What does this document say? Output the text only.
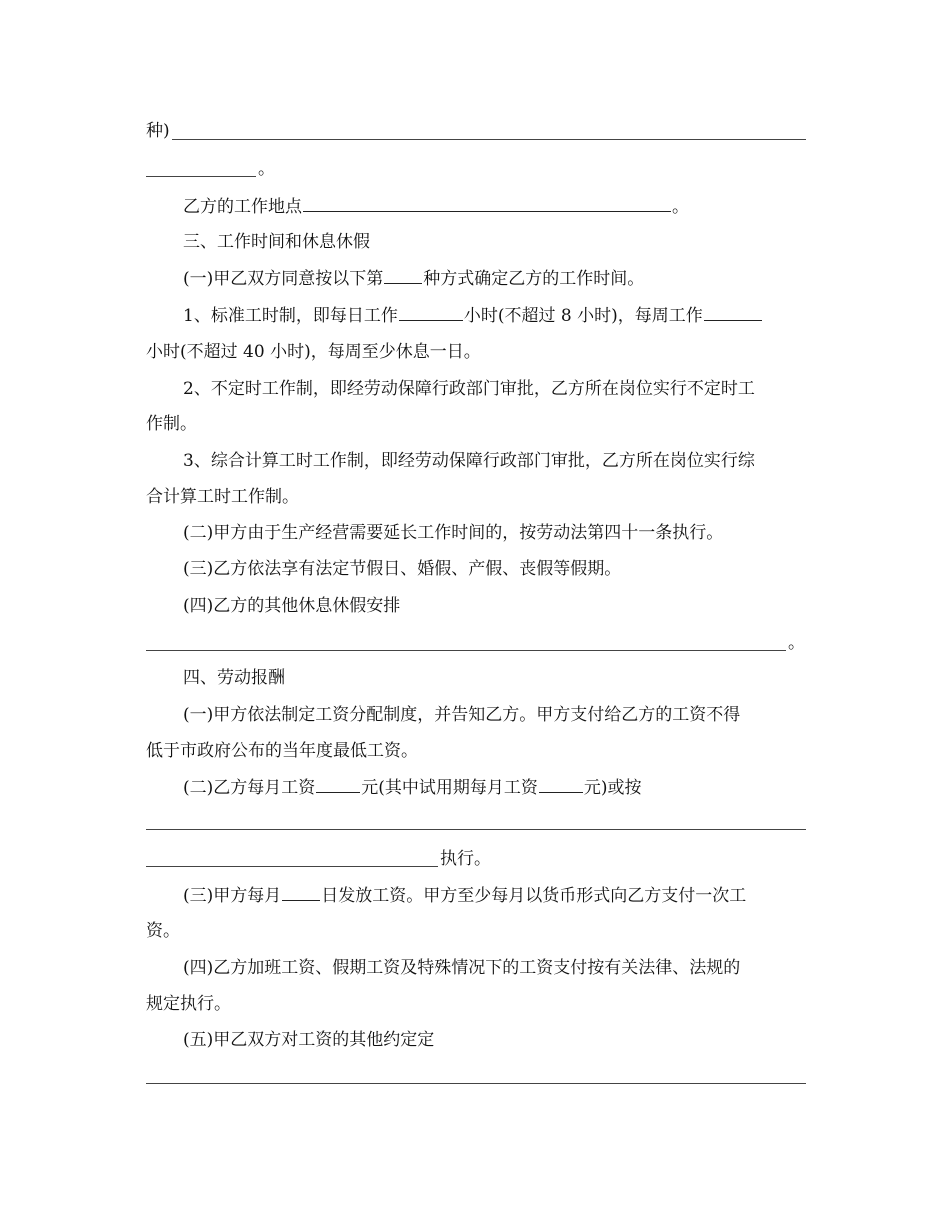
种)
。
乙方的工作地点	。
三、工作时间和休息休假
(一)甲乙双方同意按以下第 种方式确定乙方的工作时间。
1、标准工时制，即每日工作	小时(不超过 8 小时)，每周工作
小时(不超过 40 小时)，每周至少休息一日。
2、不定时工作制，即经劳动保障行政部门审批，乙方所在岗位实行不定时工
作制。
3、综合计算工时工作制，即经劳动保障行政部门审批，乙方所在岗位实行综
合计算工时工作制。
(二)甲方由于生产经营需要延长工作时间的，按劳动法第四十一条执行。
(三)乙方依法享有法定节假日、婚假、产假、丧假等假期。
(四)乙方的其他休息休假安排
。
四、劳动报酬
(一)甲方依法制定工资分配制度，并告知乙方。甲方支付给乙方的工资不得
低于市政府公布的当年度最低工资。
(二)乙方每月工资	元(其中试用期每月工资	元)或按
执行。
(三)甲方每月 日发放工资。甲方至少每月以货币形式向乙方支付一次工
资。
(四)乙方加班工资、假期工资及特殊情况下的工资支付按有关法律、法规的
规定执行。
(五)甲乙双方对工资的其他约定定
